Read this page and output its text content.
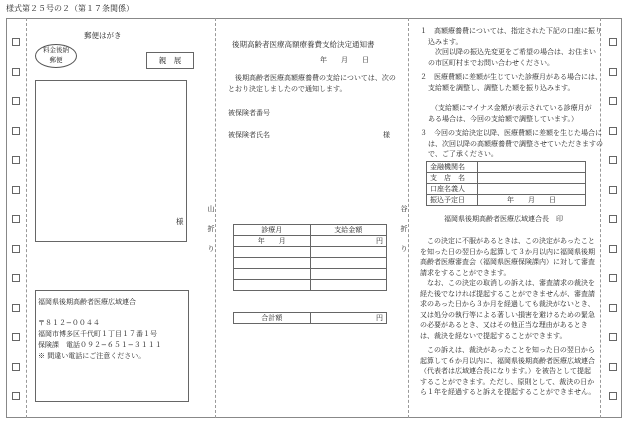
様式第２５号の２（第１７条関係）
山
折
り
谷
折
り
郵便はがき
料金後納
郵便	親　展
様
福岡県後期高齢者医療広域連合
〒８１２−００４４
福岡市博多区千代町１丁目１７番１号
保険課　電話０９２−６５１−３１１１
※ 間違い電話にご注意ください。
後期高齢者医療高額療養費支給決定通知書
年　　月　　日
後期高齢者医療高額療養費の支給については、次のとおり決定しましたので通知します。
被保険者番号
被保険者氏名	様
診療月	支給金額
年　　月	円

合計額	円
１　高額療養費については、指定された下記の口座に振り込みます。
次回以降の振込先変更をご希望の場合は、お住まいの市区町村までお問い合わせください。
２　医療費額に差額が生じていた診療月がある場合には、支給額を調整し、調整した額を振り込みます。
（支給額にマイナス金額が表示されている診療月がある場合は、今回の支給額で調整しています。）
３　今回の支給決定以降、医療費額に差額を生じた場合には、次回以降の高額療養費で調整させていただきますので、ご了承ください。
金融機関名	
支　店　名	
口座名義人	
振込予定日	年　　月　　日
福岡県後期高齢者医療広域連合長　印
この決定に不服があるときは、この決定があったことを知った日の翌日から起算して３か月以内に福岡県後期高齢者医療審査会（福岡県医療保険課内）に対して審査請求をすることができます。
なお、この決定の取消しの訴えは、審査請求の裁決を経た後でなければ提起することができませんが、審査請求のあった日から３か月を経過しても裁決がないとき、又は処分の執行等による著しい損害を避けるための緊急の必要があるとき、又はその他正当な理由があるときは、裁決を経ないで提起することができます。
この訴えは、裁決があったことを知った日の翌日から起算して６か月以内に、福岡県後期高齢者医療広域連合（代表者は広域連合長になります。）を被告として提起することができます。ただし、原則として、裁決の日から１年を経過すると訴えを提起することができません。
